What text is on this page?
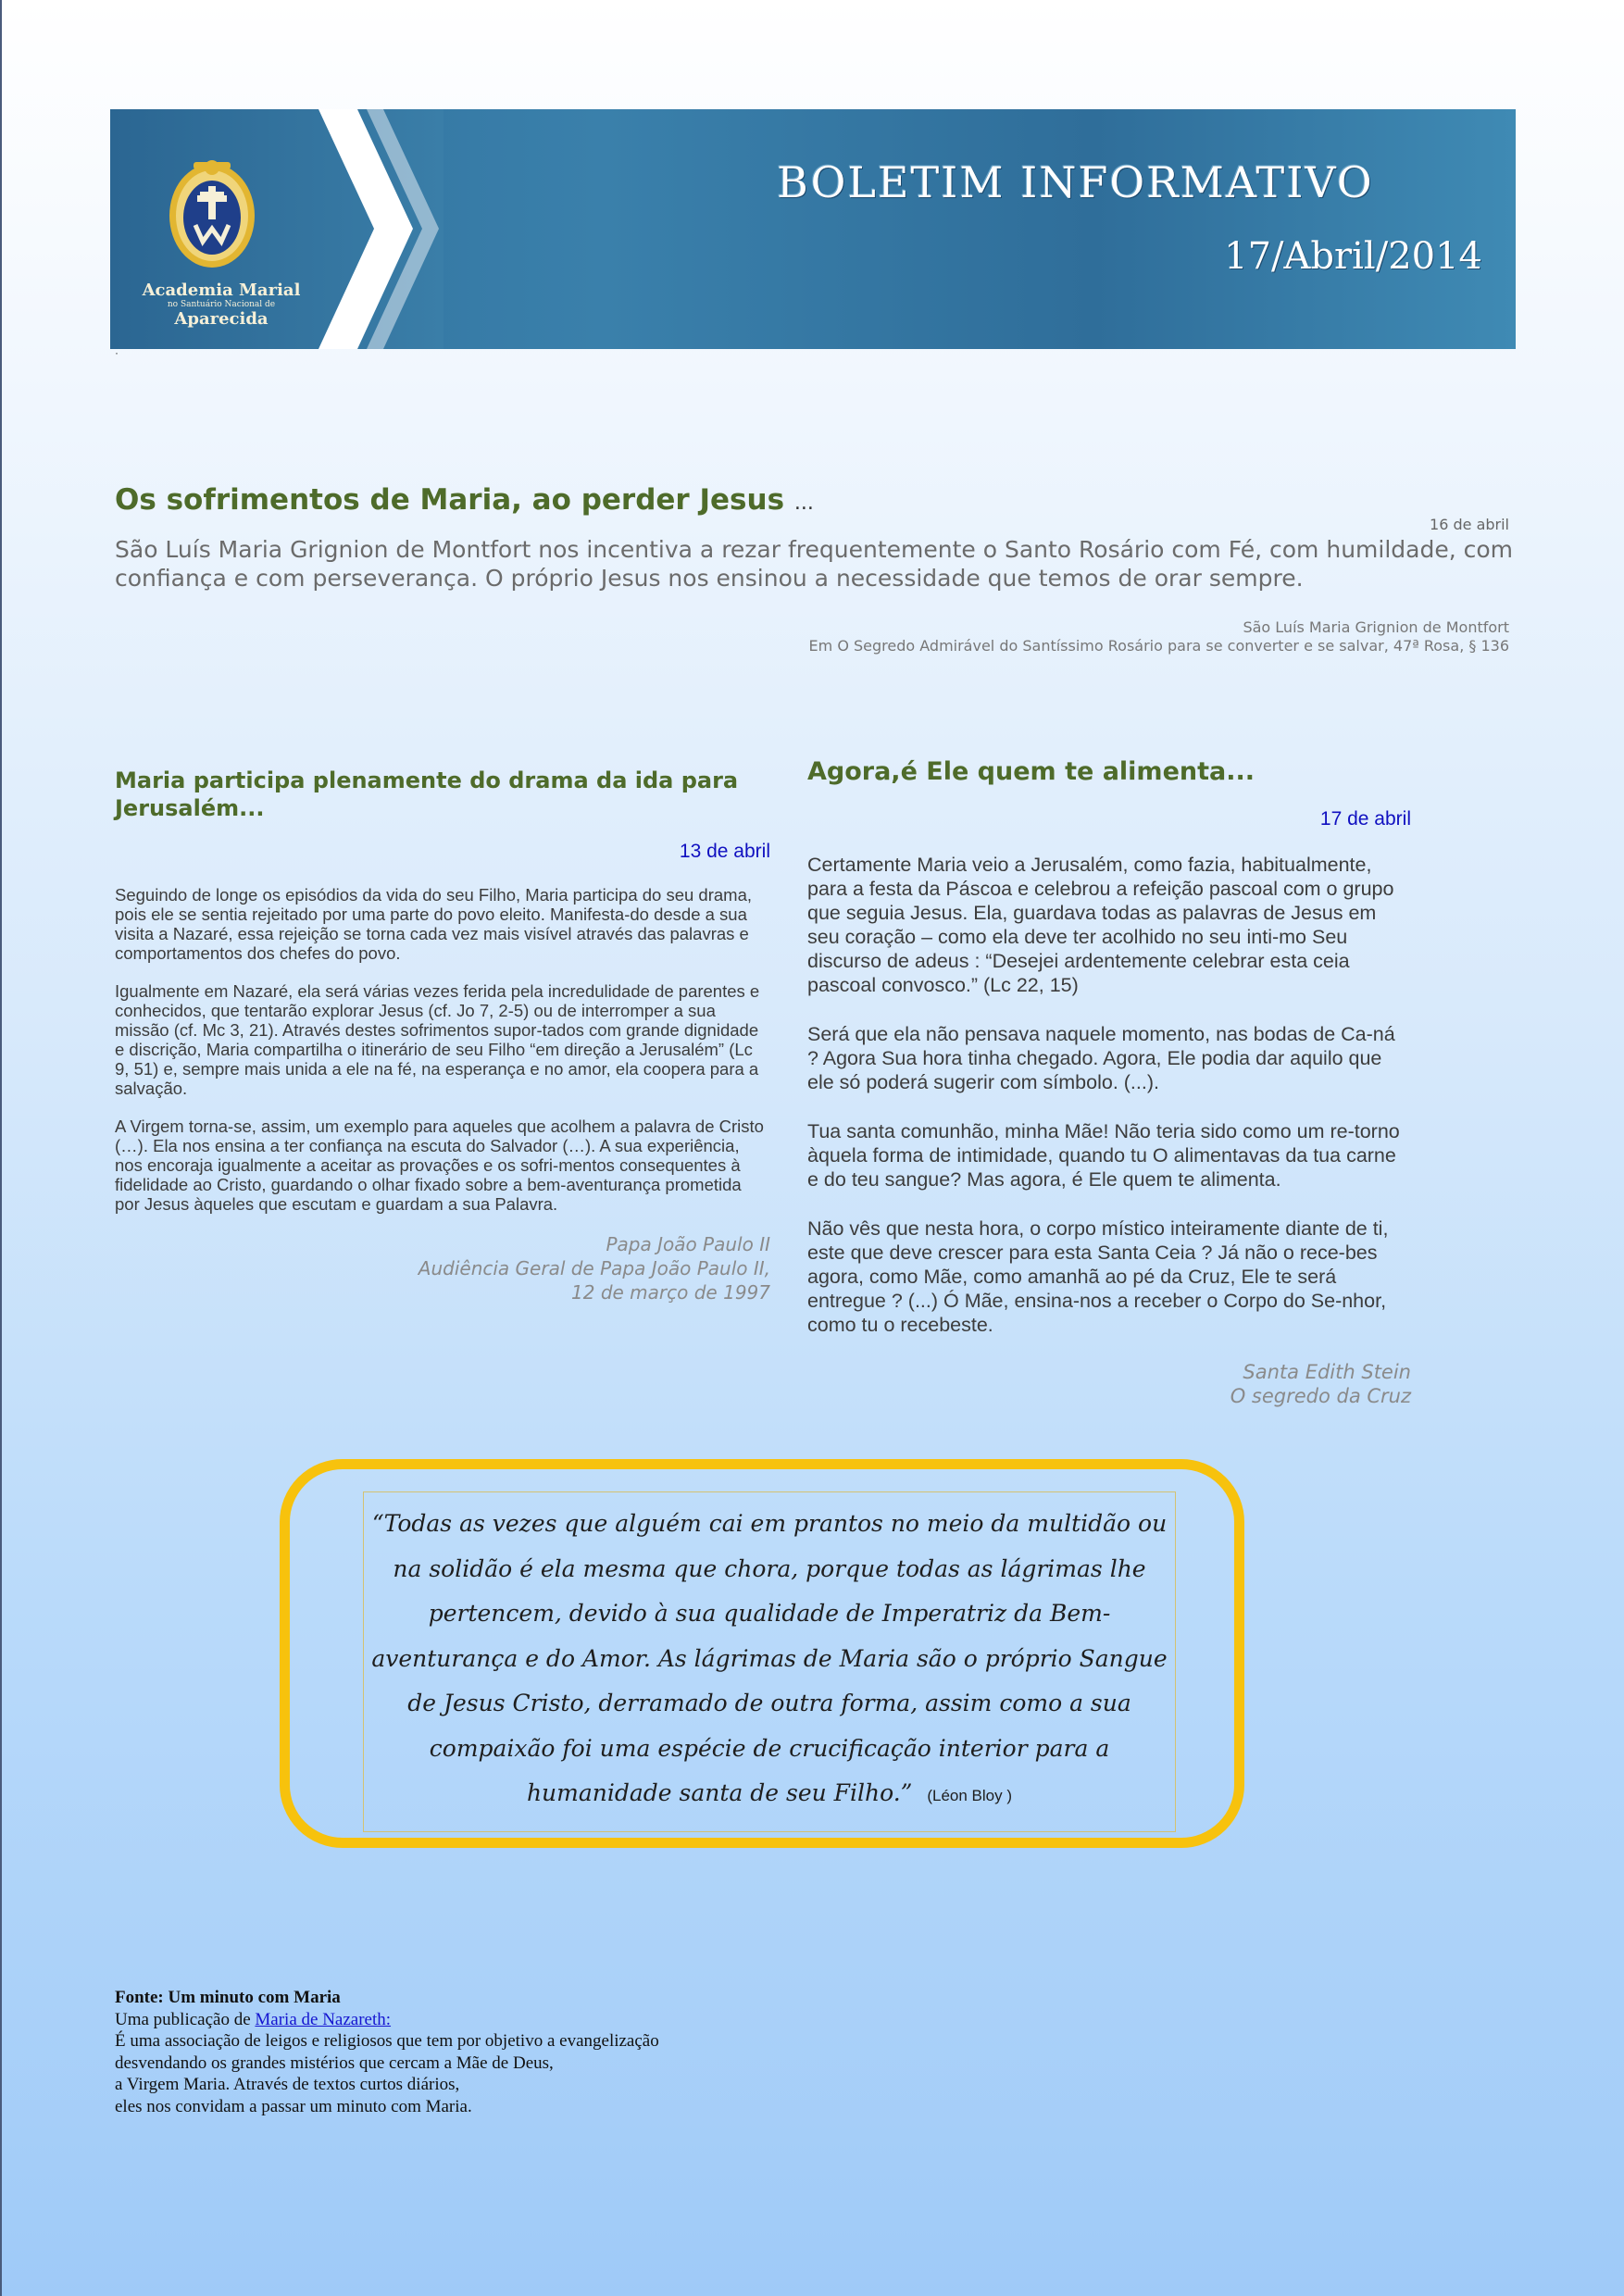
Academia Marial
no Santuário Nacional de
Aparecida
BOLETIM INFORMATIVO
17/Abril/2014
·
Os sofrimentos de Maria, ao perder Jesus ...
16 de abril

São Luís Maria Grignion de Montfort nos incentiva a rezar frequentemente o Santo Rosário com Fé, com humildade, com confiança e com perseverança. O próprio Jesus nos ensinou a necessidade que temos de orar sempre.

São Luís Maria Grignion de Montfort
Em O Segredo Admirável do Santíssimo Rosário para se converter e se salvar, 47ª Rosa, § 136
Maria participa plenamente do drama da ida para Jerusalém...
13 de abril

Seguindo de longe os episódios da vida do seu Filho, Maria participa do seu drama, pois ele se sentia rejeitado por uma parte do povo eleito. Manifesta-do desde a sua visita a Nazaré, essa rejeição se torna cada vez mais visível através das palavras e comportamentos dos chefes do povo.

Igualmente em Nazaré, ela será várias vezes ferida pela incredulidade de parentes e conhecidos, que tentarão explorar Jesus (cf. Jo 7, 2-5) ou de interromper a sua missão (cf. Mc 3, 21). Através destes sofrimentos supor-tados com grande dignidade e discrição, Maria compartilha o itinerário de seu Filho “em direção a Jerusalém” (Lc 9, 51) e, sempre mais unida a ele na fé, na esperança e no amor, ela coopera para a salvação.

A Virgem torna-se, assim, um exemplo para aqueles que acolhem a palavra de Cristo (…). Ela nos ensina a ter confiança na escuta do Salvador (…). A sua experiência, nos encoraja igualmente a aceitar as provações e os sofri-mentos consequentes à fidelidade ao Cristo, guardando o olhar fixado sobre a bem-aventurança prometida por Jesus àqueles que escutam e guardam a sua Palavra.

Papa João Paulo II
Audiência Geral de Papa João Paulo II,
12 de março de 1997
Agora,é Ele quem te alimenta...
17 de abril

Certamente Maria veio a Jerusalém, como fazia, habitualmente, para a festa da Páscoa e celebrou a refeição pascoal com o grupo que seguia Jesus. Ela, guardava todas as palavras de Jesus em seu coração – como ela deve ter acolhido no seu inti-mo Seu discurso de adeus : “Desejei ardentemente celebrar esta ceia pascoal convosco.” (Lc 22, 15)

Será que ela não pensava naquele momento, nas bodas de Ca-ná ? Agora Sua hora tinha chegado. Agora, Ele podia dar aquilo que ele só poderá sugerir com símbolo. (...).

Tua santa comunhão, minha Mãe! Não teria sido como um re-torno àquela forma de intimidade, quando tu O alimentavas da tua carne e do teu sangue? Mas agora, é Ele quem te alimenta.

Não vês que nesta hora, o corpo místico inteiramente diante de ti, este que deve crescer para esta Santa Ceia ? Já não o rece-bes agora, como Mãe, como amanhã ao pé da Cruz, Ele te será entregue ? (...) Ó Mãe, ensina-nos a receber o Corpo do Se-nhor, como tu o recebeste.

Santa Edith Stein
O segredo da Cruz

“Todas as vezes que alguém cai em prantos no meio da multidão ou na solidão é ela mesma que chora, porque todas as lágrimas lhe pertencem, devido à sua qualidade de Imperatriz da Bem-aventurança e do Amor. As lágrimas de Maria são o próprio Sangue de Jesus Cristo, derramado de outra forma, assim como a sua compaixão foi uma espécie de crucificação interior para a humanidade santa de seu Filho.” (Léon Bloy )

Fonte: Um minuto com Maria
Uma publicação de Maria de Nazareth:
É uma associação de leigos e religiosos que tem por objetivo a evangelização
desvendando os grandes mistérios que cercam a Mãe de Deus,
a Virgem Maria. Através de textos curtos diários,
eles nos convidam a passar um minuto com Maria.
